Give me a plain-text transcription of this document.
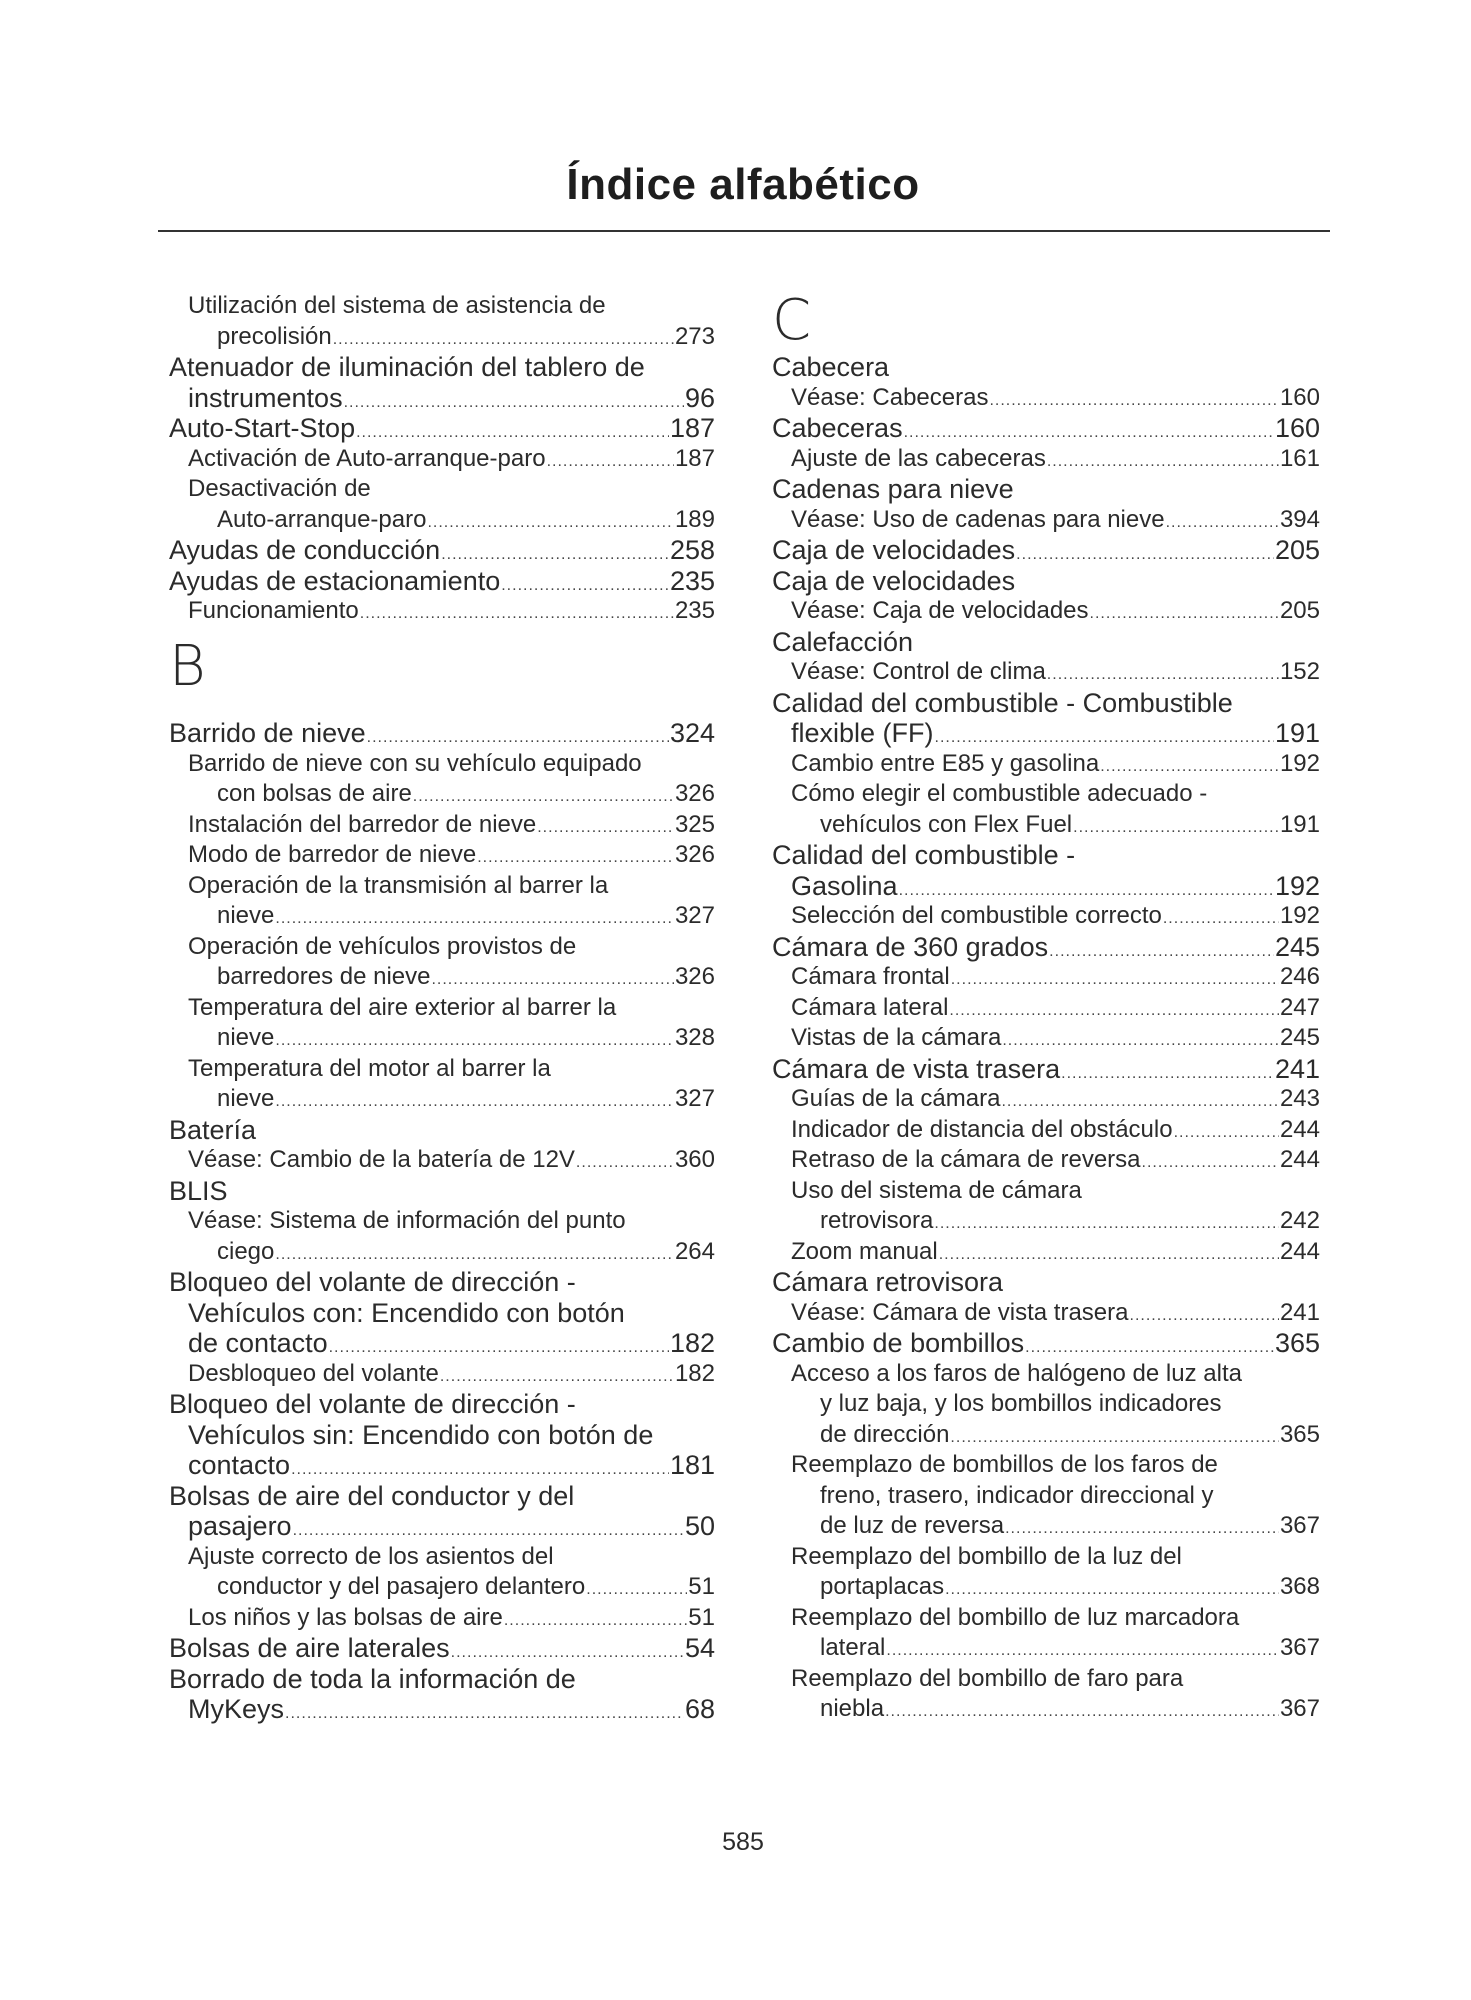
Índice alfabético
Utilización del sistema de asistencia de
precolisión .....	273
Atenuador de iluminación del tablero de
instrumentos .....	96
Auto-Start-Stop .....	187
Activación de Auto-arranque-paro .....	187
Desactivación de
Auto-arranque-paro .....	189
Ayudas de conducción .....	258
Ayudas de estacionamiento .....	235
Funcionamiento .....	235
B
Barrido de nieve .....	324
Barrido de nieve con su vehículo equipado
con bolsas de aire .....	326
Instalación del barredor de nieve .....	325
Modo de barredor de nieve .....	326
Operación de la transmisión al barrer la
nieve .....	327
Operación de vehículos provistos de
barredores de nieve .....	326
Temperatura del aire exterior al barrer la
nieve .....	328
Temperatura del motor al barrer la
nieve .....	327
Batería
Véase: Cambio de la batería de 12V .....	360
BLIS
Véase: Sistema de información del punto
ciego .....	264
Bloqueo del volante de dirección -
Vehículos con: Encendido con botón
de contacto .....	182
Desbloqueo del volante .....	182
Bloqueo del volante de dirección -
Vehículos sin: Encendido con botón de
contacto .....	181
Bolsas de aire del conductor y del
pasajero .....	50
Ajuste correcto de los asientos del
conductor y del pasajero delantero .....	51
Los niños y las bolsas de aire .....	51
Bolsas de aire laterales .....	54
Borrado de toda la información de
MyKeys .....	68
C
Cabecera
Véase: Cabeceras .....	160
Cabeceras .....	160
Ajuste de las cabeceras .....	161
Cadenas para nieve
Véase: Uso de cadenas para nieve .....	394
Caja de velocidades .....	205
Caja de velocidades
Véase: Caja de velocidades .....	205
Calefacción
Véase: Control de clima .....	152
Calidad del combustible - Combustible
flexible (FF) .....	191
Cambio entre E85 y gasolina .....	192
Cómo elegir el combustible adecuado -
vehículos con Flex Fuel .....	191
Calidad del combustible -
Gasolina .....	192
Selección del combustible correcto .....	192
Cámara de 360 grados .....	245
Cámara frontal .....	246
Cámara lateral .....	247
Vistas de la cámara .....	245
Cámara de vista trasera .....	241
Guías de la cámara .....	243
Indicador de distancia del obstáculo .....	244
Retraso de la cámara de reversa .....	244
Uso del sistema de cámara
retrovisora .....	242
Zoom manual .....	244
Cámara retrovisora
Véase: Cámara de vista trasera .....	241
Cambio de bombillos .....	365
Acceso a los faros de halógeno de luz alta
y luz baja, y los bombillos indicadores
de dirección .....	365
Reemplazo de bombillos de los faros de
freno, trasero, indicador direccional y
de luz de reversa .....	367
Reemplazo del bombillo de la luz del
portaplacas .....	368
Reemplazo del bombillo de luz marcadora
lateral .....	367
Reemplazo del bombillo de faro para
niebla .....	367
585
